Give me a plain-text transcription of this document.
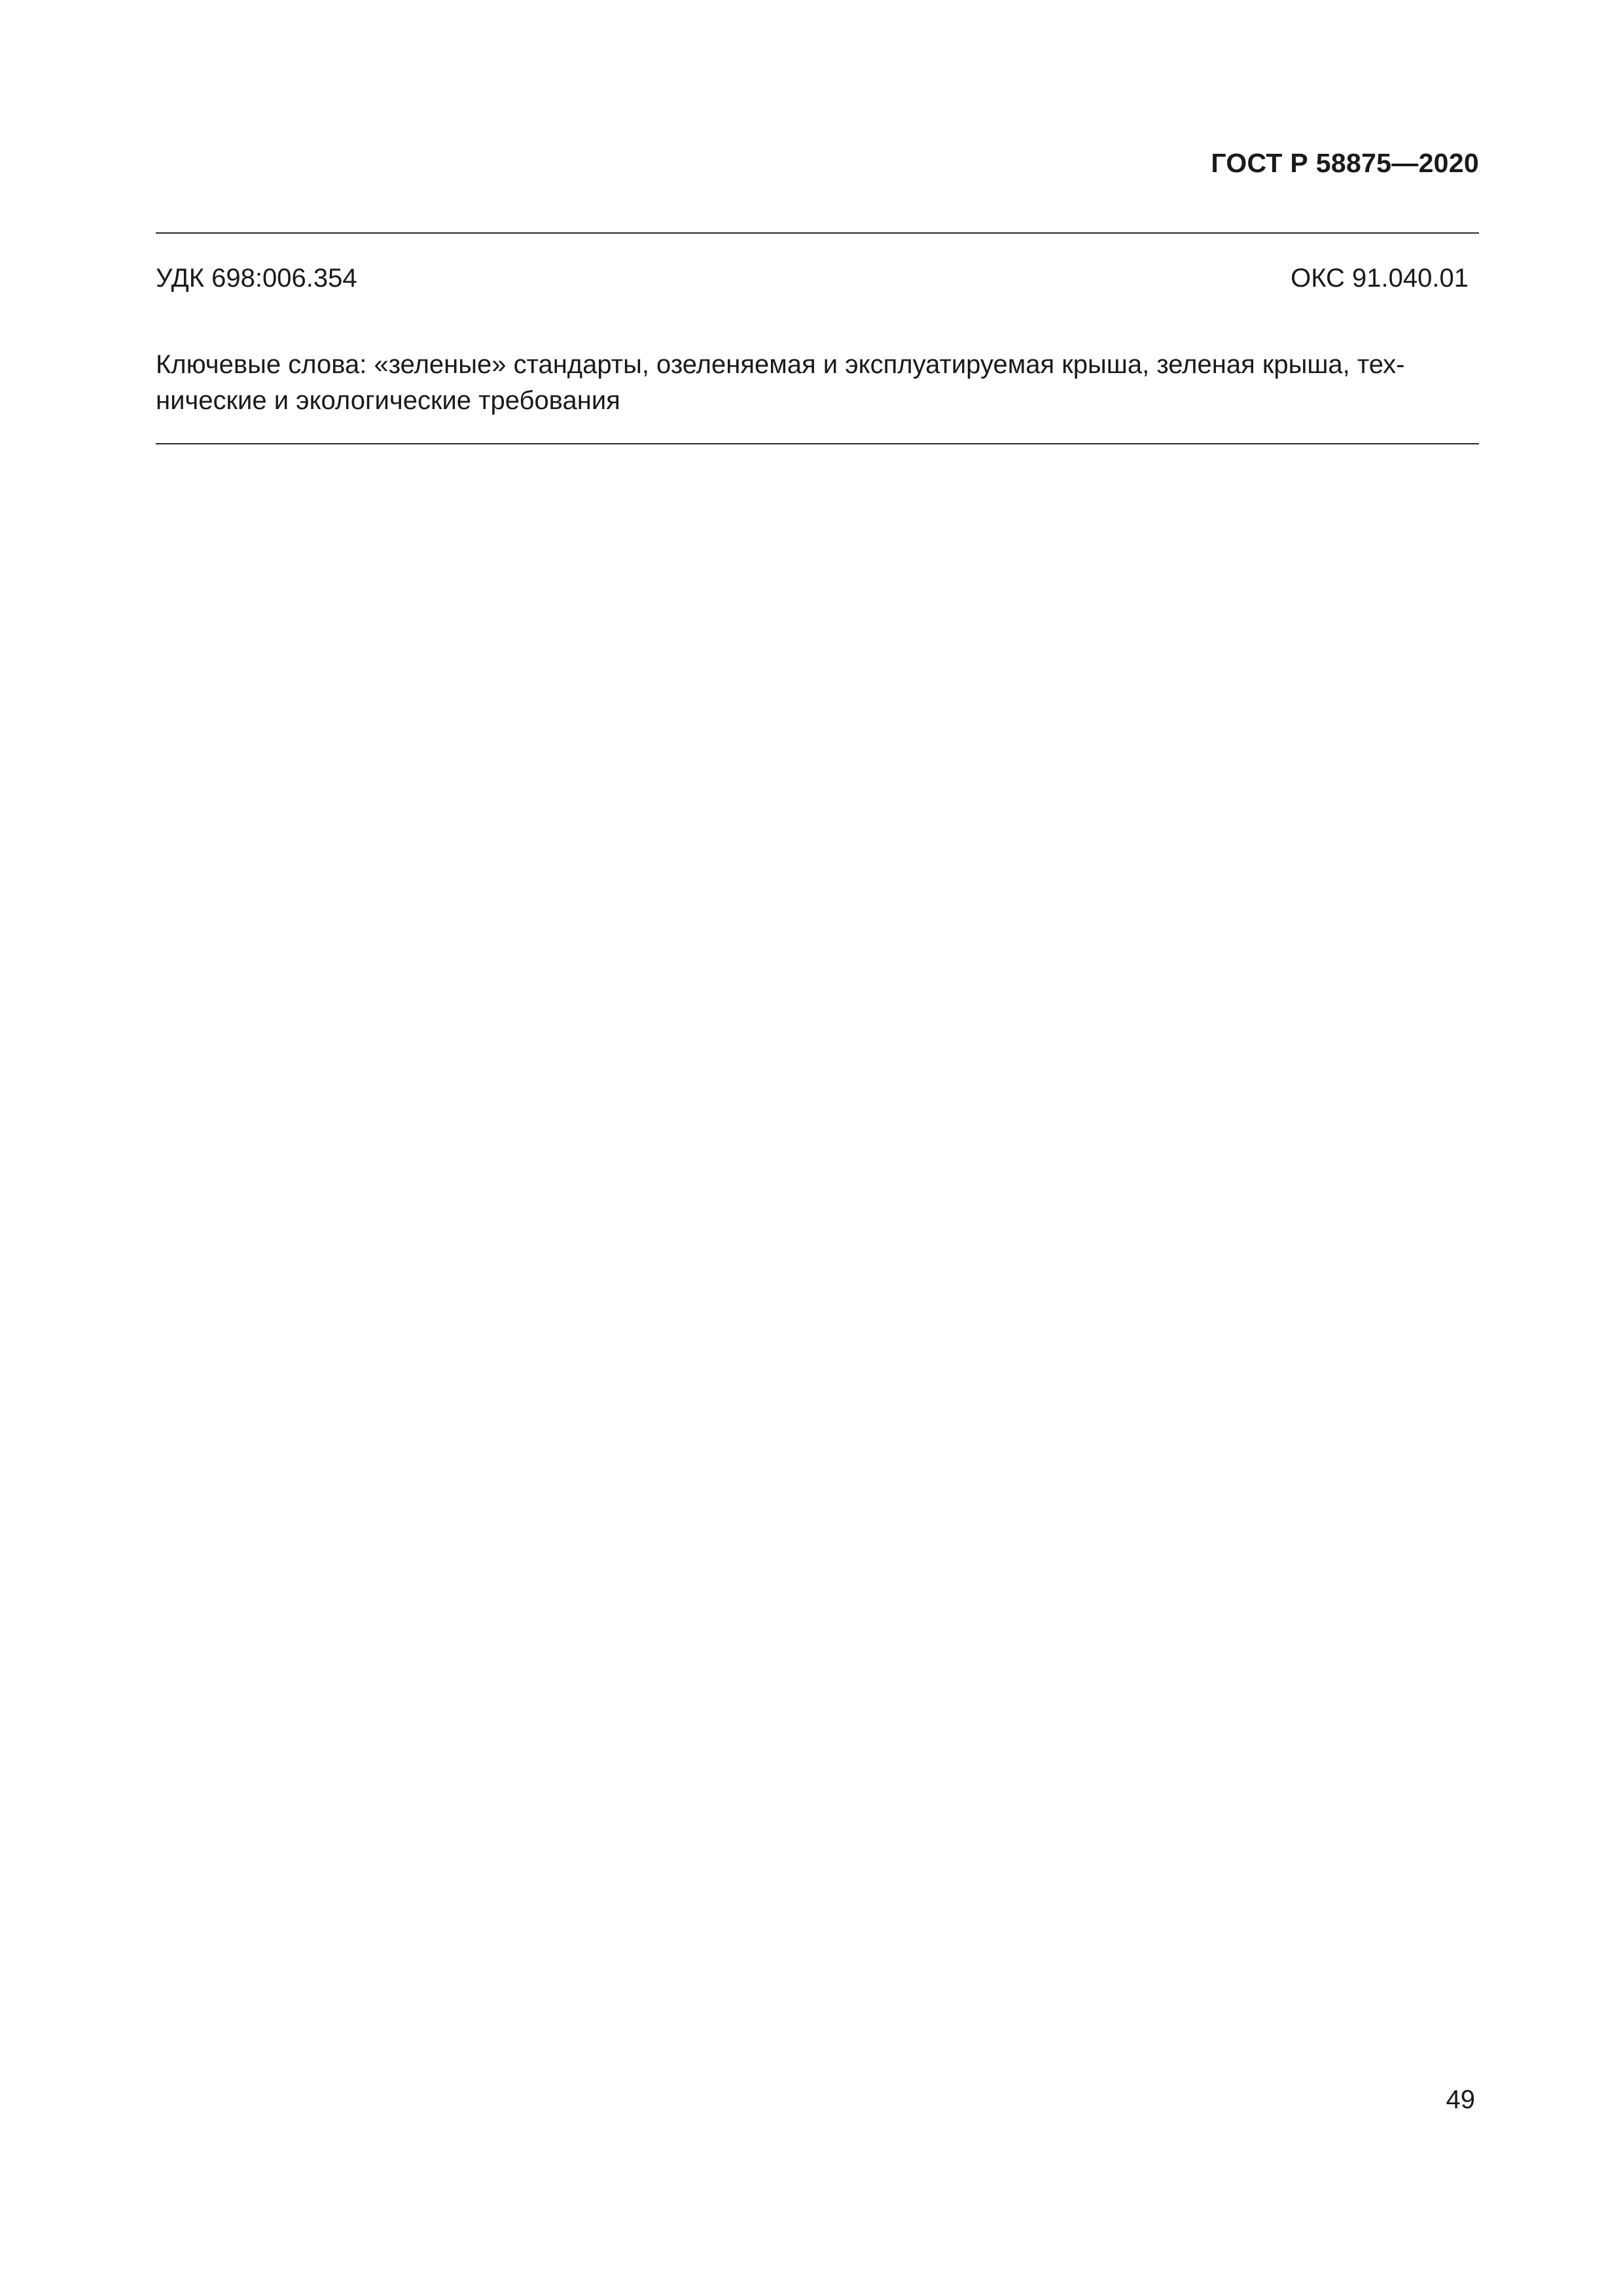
ГОСТ Р 58875—2020
УДК 698:006.354	ОКС 91.040.01
Ключевые слова: «зеленые» стандарты, озеленяемая и эксплуатируемая крыша, зеленая крыша, тех-
нические и экологические требования
49
